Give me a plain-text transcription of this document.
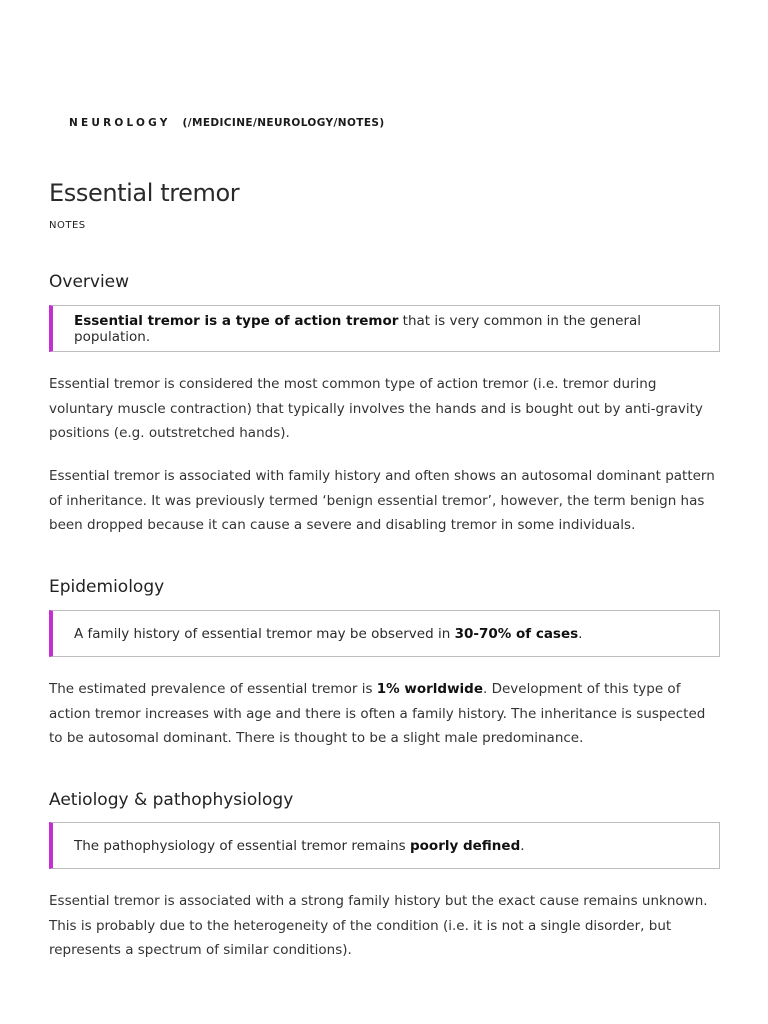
NEUROLOGY (/MEDICINE/NEUROLOGY/NOTES)
Essential tremor
NOTES
Overview
Essential tremor is a type of action tremor that is very common in the general population.

Essential tremor is considered the most common type of action tremor (i.e. tremor during voluntary muscle contraction) that typically involves the hands and is bought out by anti-gravity positions (e.g. outstretched hands).

Essential tremor is associated with family history and often shows an autosomal dominant pattern of inheritance. It was previously termed ‘benign essential tremor’, however, the term benign has been dropped because it can cause a severe and disabling tremor in some individuals.

Epidemiology
A family history of essential tremor may be observed in 30-70% of cases.

The estimated prevalence of essential tremor is 1% worldwide. Development of this type of action tremor increases with age and there is often a family history. The inheritance is suspected to be autosomal dominant. There is thought to be a slight male predominance.

Aetiology & pathophysiology
The pathophysiology of essential tremor remains poorly defined.

Essential tremor is associated with a strong family history but the exact cause remains unknown. This is probably due to the heterogeneity of the condition (i.e. it is not a single disorder, but represents a spectrum of similar conditions).
